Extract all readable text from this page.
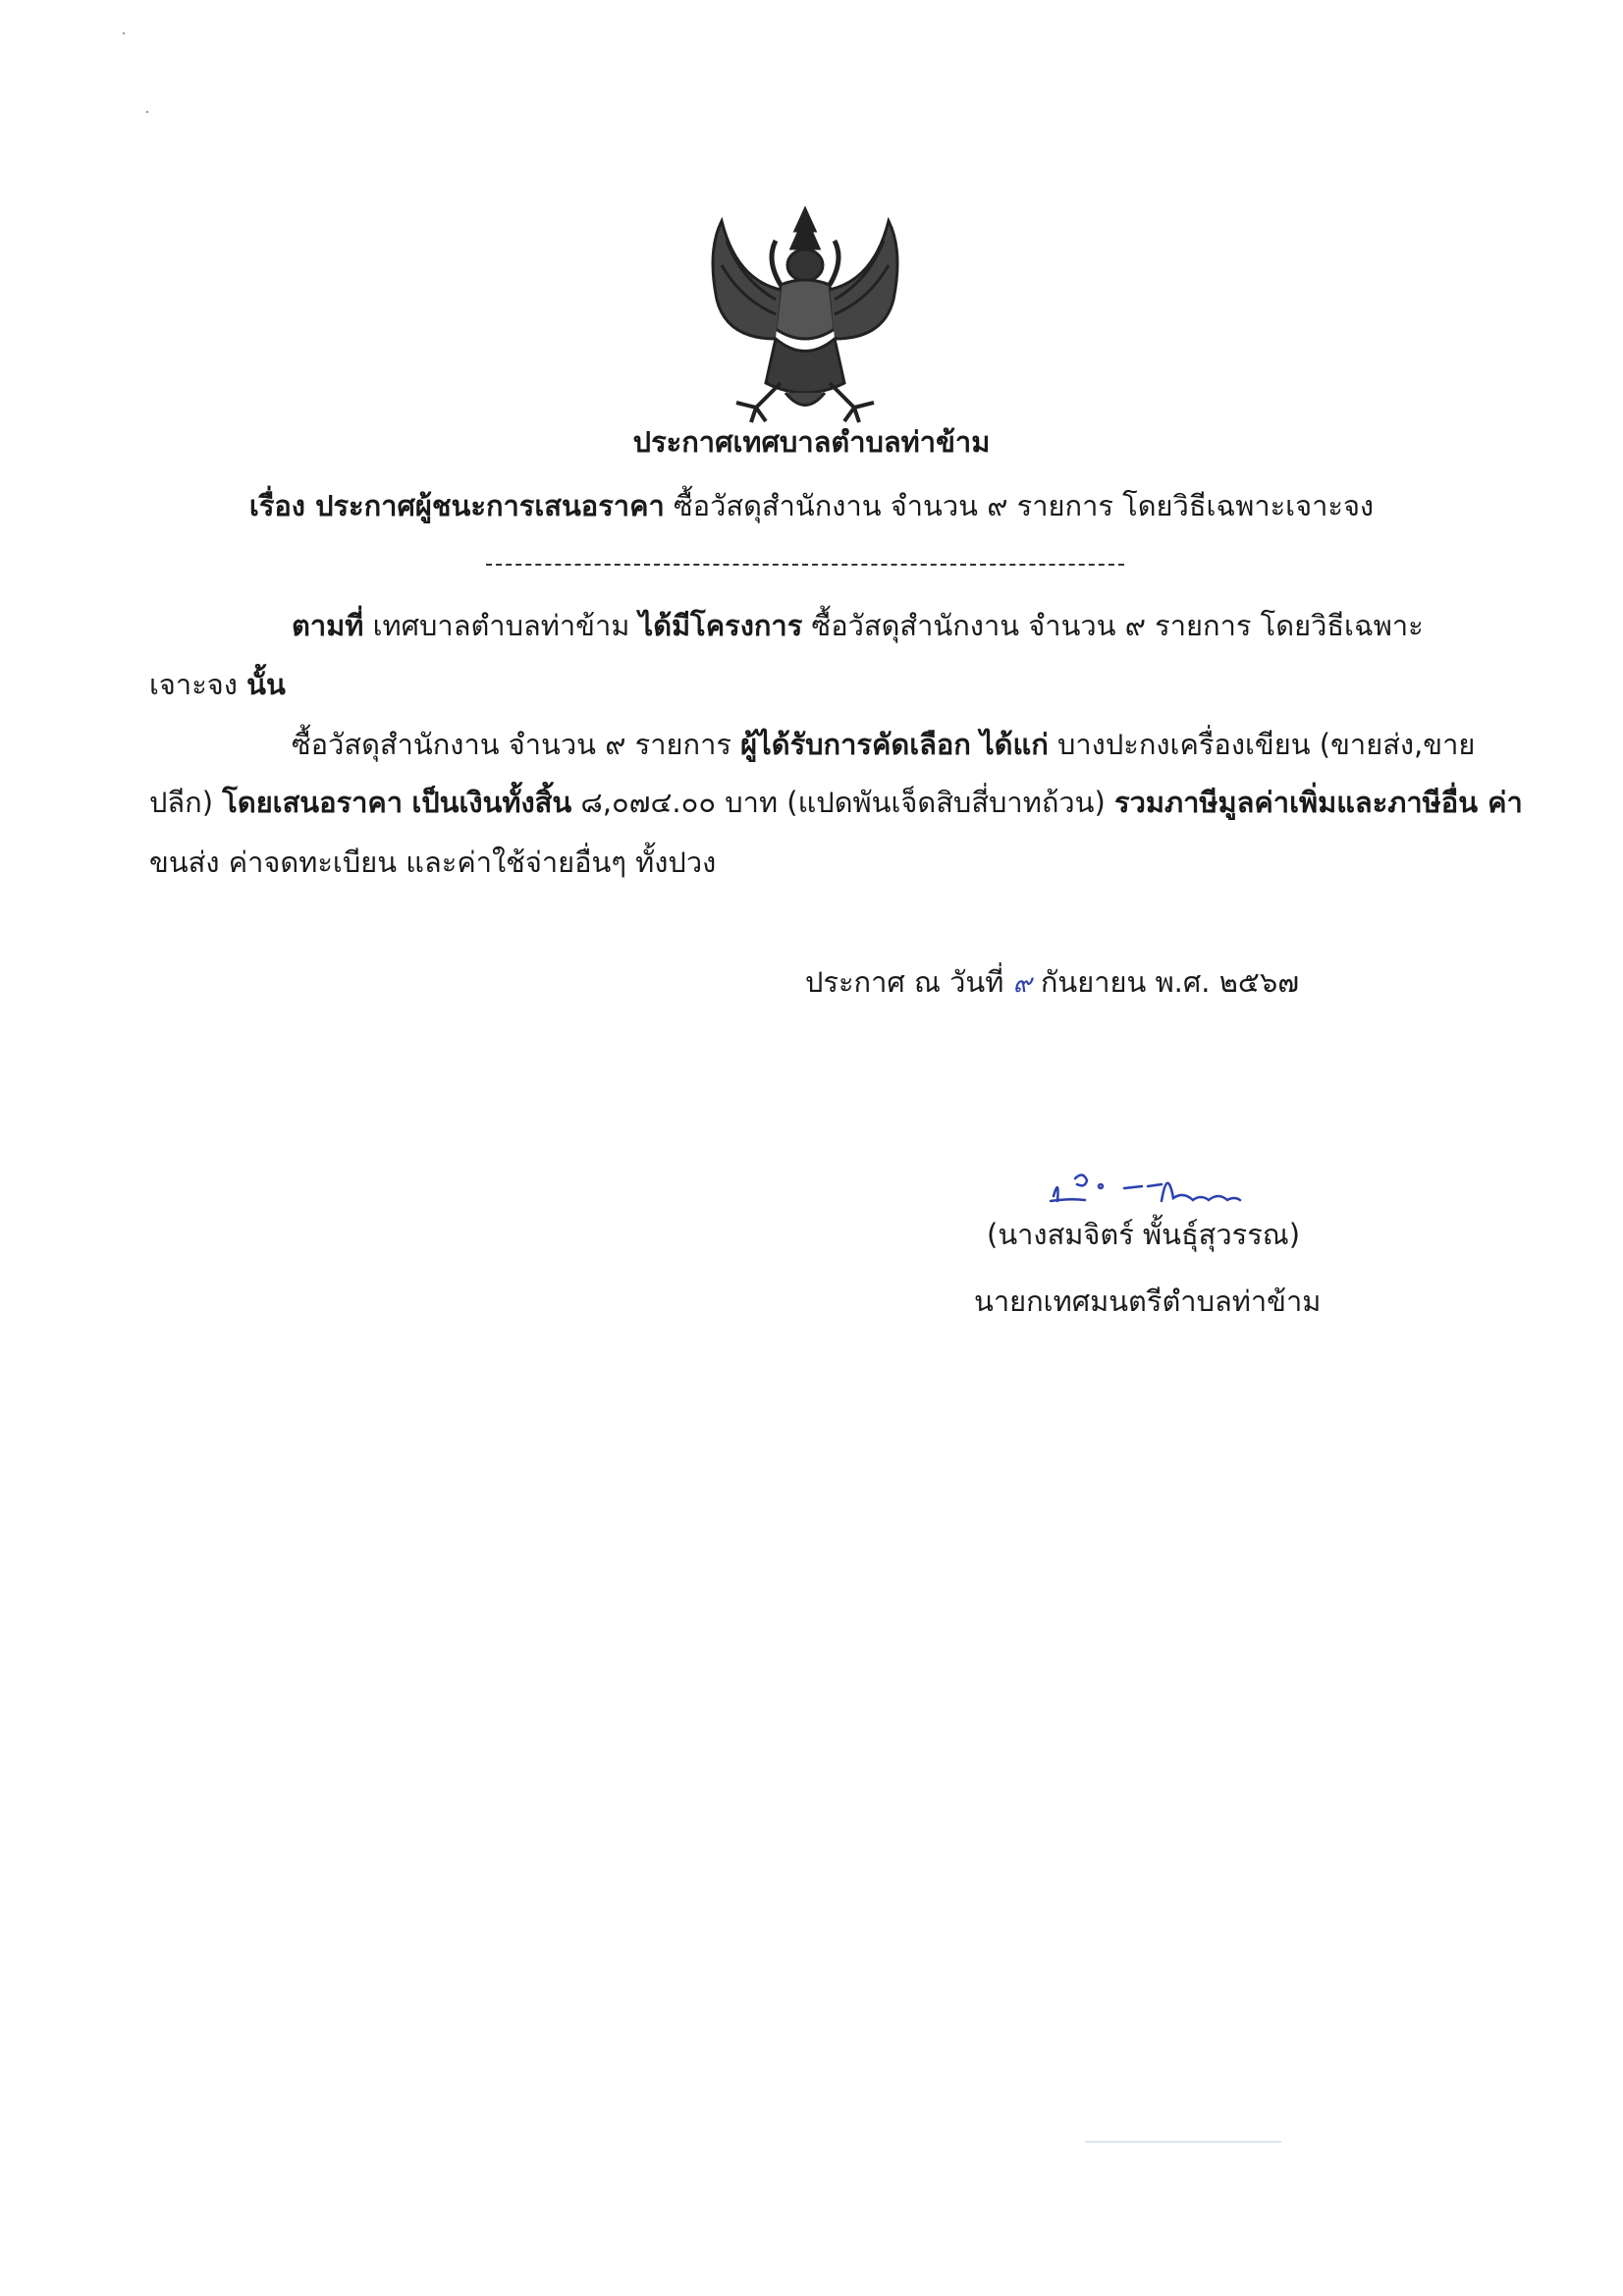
ประกาศเทศบาลตำบลท่าข้าม
เรื่อง ประกาศผู้ชนะการเสนอราคา ซื้อวัสดุสำนักงาน จำนวน ๙ รายการ โดยวิธีเฉพาะเจาะจง
ตามที่ เทศบาลตำบลท่าข้าม ได้มีโครงการ ซื้อวัสดุสำนักงาน จำนวน ๙ รายการ โดยวิธีเฉพาะ
เจาะจง นั้น
ซื้อวัสดุสำนักงาน จำนวน ๙ รายการ ผู้ได้รับการคัดเลือก ได้แก่ บางปะกงเครื่องเขียน (ขายส่ง,ขาย
ปลีก) โดยเสนอราคา เป็นเงินทั้งสิ้น ๘,๐๗๔.๐๐ บาท (แปดพันเจ็ดสิบสี่บาทถ้วน) รวมภาษีมูลค่าเพิ่มและภาษีอื่น ค่า
ขนส่ง ค่าจดทะเบียน และค่าใช้จ่ายอื่นๆ ทั้งปวง
ประกาศ ณ วันที่ ๙ กันยายน พ.ศ. ๒๕๖๗
(นางสมจิตร์ พั้นธุ์สุวรรณ)
นายกเทศมนตรีตำบลท่าข้าม
